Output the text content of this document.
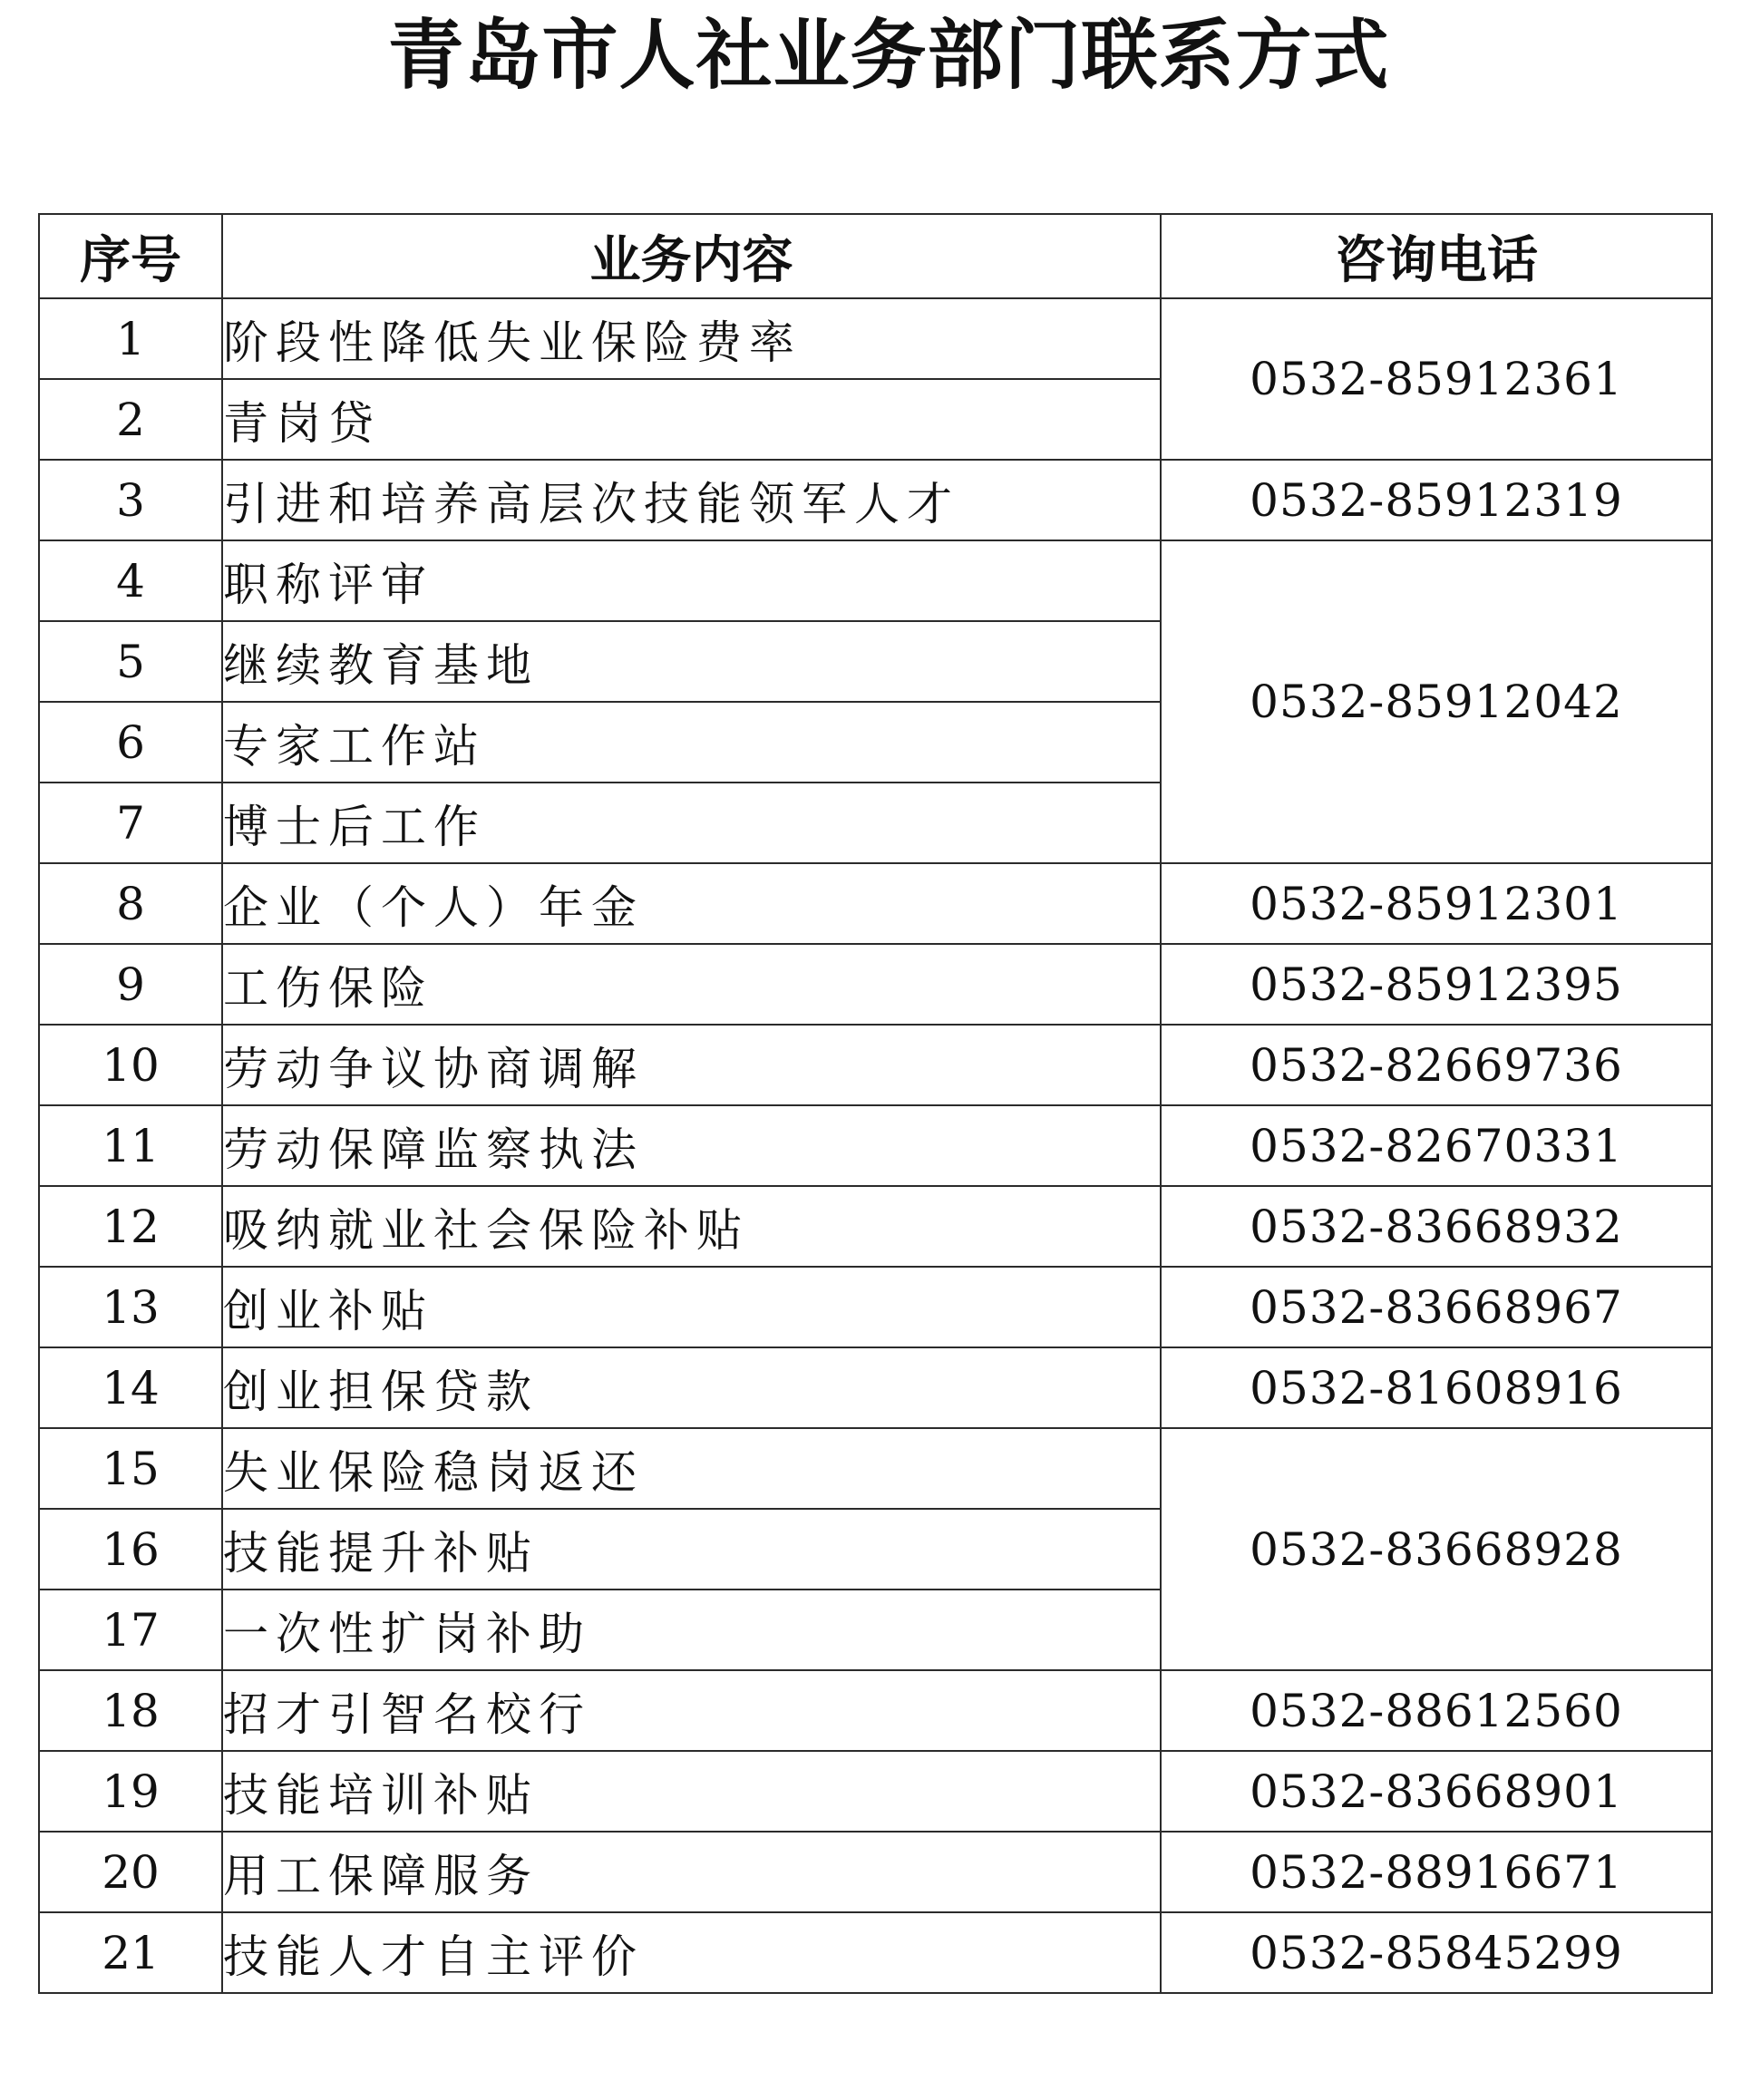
青岛市人社业务部门联系方式
序号	业务内容	咨询电话
1	阶段性降低失业保险费率	0532-85912361
2	青岗贷	
3	引进和培养高层次技能领军人才	0532-85912319
4	职称评审	0532-85912042
5	继续教育基地	
6	专家工作站	
7	博士后工作	
8	企业（个人）年金	0532-85912301
9	工伤保险	0532-85912395
10	劳动争议协商调解	0532-82669736
11	劳动保障监察执法	0532-82670331
12	吸纳就业社会保险补贴	0532-83668932
13	创业补贴	0532-83668967
14	创业担保贷款	0532-81608916
15	失业保险稳岗返还	0532-83668928
16	技能提升补贴	
17	一次性扩岗补助	
18	招才引智名校行	0532-88612560
19	技能培训补贴	0532-83668901
20	用工保障服务	0532-88916671
21	技能人才自主评价	0532-85845299
